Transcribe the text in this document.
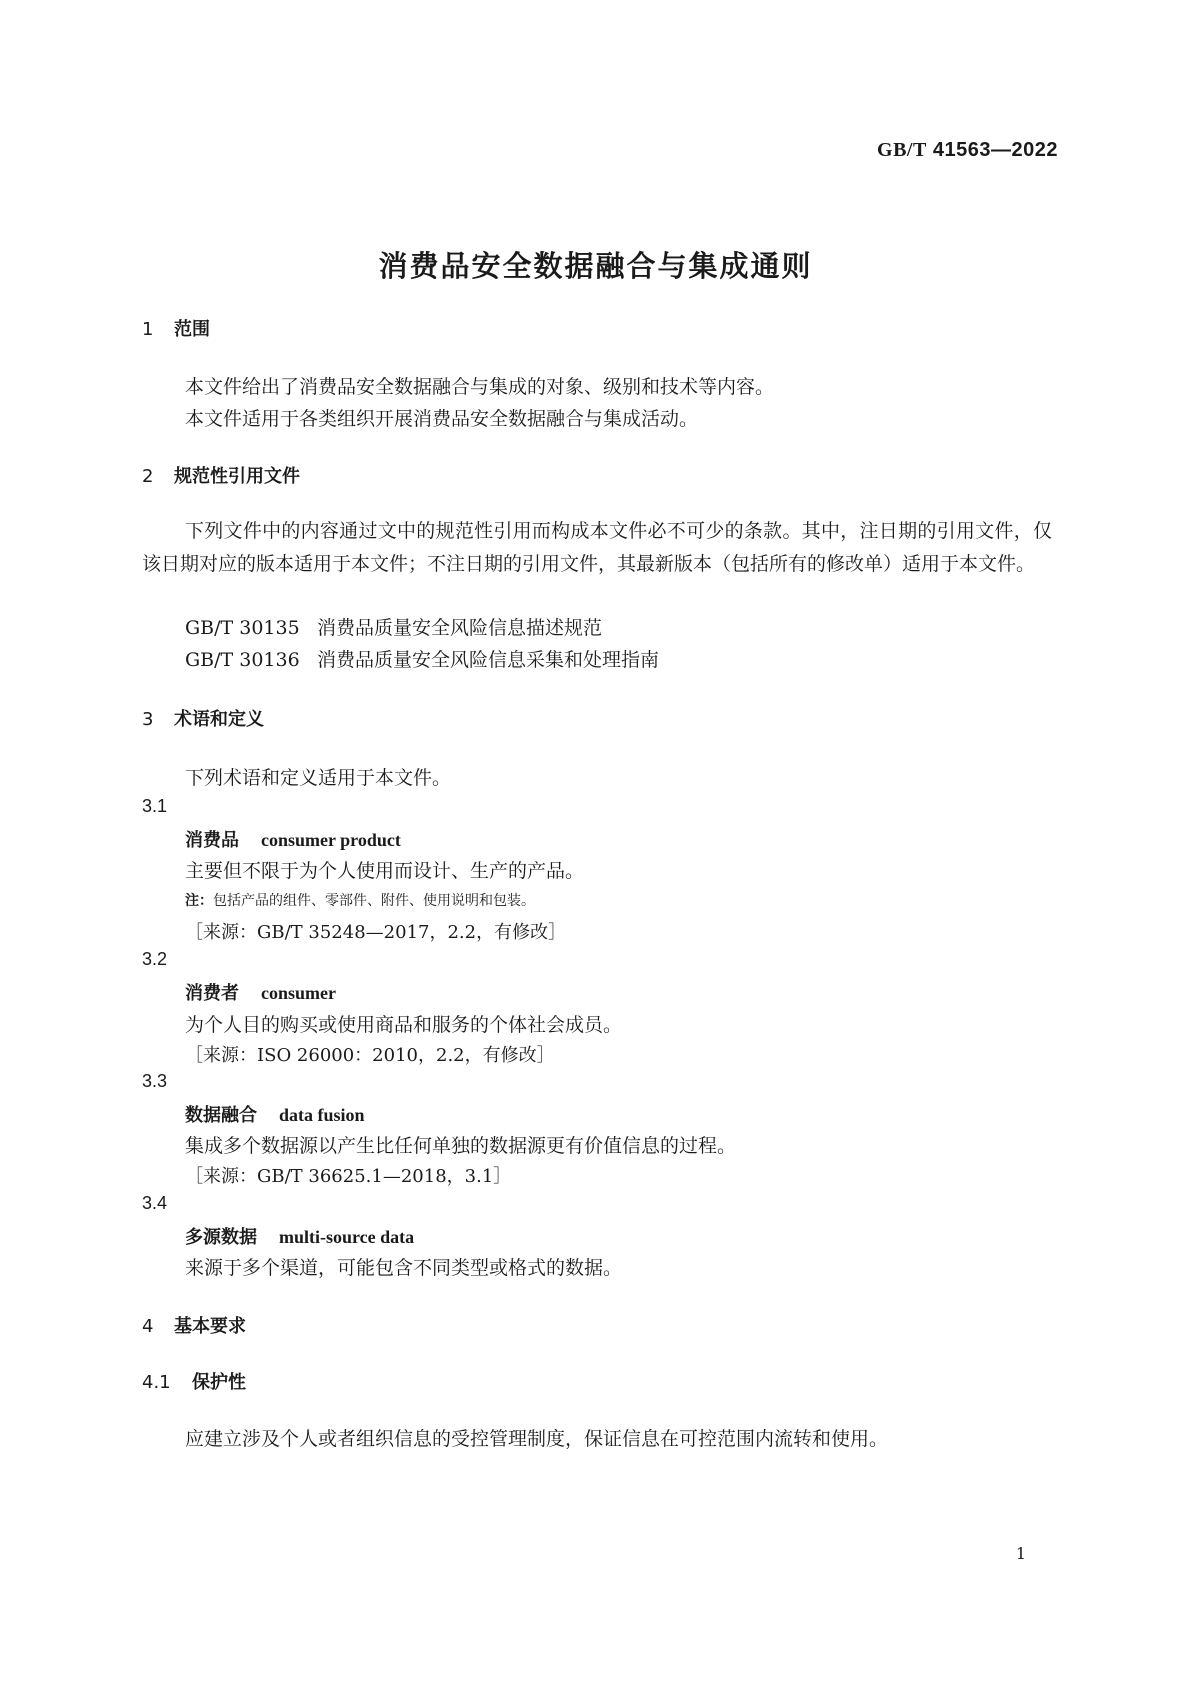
GB/T 41563—2022
消费品安全数据融合与集成通则
1 范围
本文件给出了消费品安全数据融合与集成的对象、级别和技术等内容。
本文件适用于各类组织开展消费品安全数据融合与集成活动。
2 规范性引用文件
下列文件中的内容通过文中的规范性引用而构成本文件必不可少的条款。其中，注日期的引用文件，仅该日期对应的版本适用于本文件；不注日期的引用文件，其最新版本（包括所有的修改单）适用于本文件。
GB/T 30135 消费品质量安全风险信息描述规范
GB/T 30136 消费品质量安全风险信息采集和处理指南
3 术语和定义
下列术语和定义适用于本文件。
3.1
消费品 consumer product
主要但不限于为个人使用而设计、生产的产品。
注：包括产品的组件、零部件、附件、使用说明和包装。
［来源：GB/T 35248—2017，2.2，有修改］
3.2
消费者 consumer
为个人目的购买或使用商品和服务的个体社会成员。
［来源：ISO 26000：2010，2.2，有修改］
3.3
数据融合 data fusion
集成多个数据源以产生比任何单独的数据源更有价值信息的过程。
［来源：GB/T 36625.1—2018，3.1］
3.4
多源数据 multi-source data
来源于多个渠道，可能包含不同类型或格式的数据。
4 基本要求
4.1 保护性
应建立涉及个人或者组织信息的受控管理制度，保证信息在可控范围内流转和使用。
1
